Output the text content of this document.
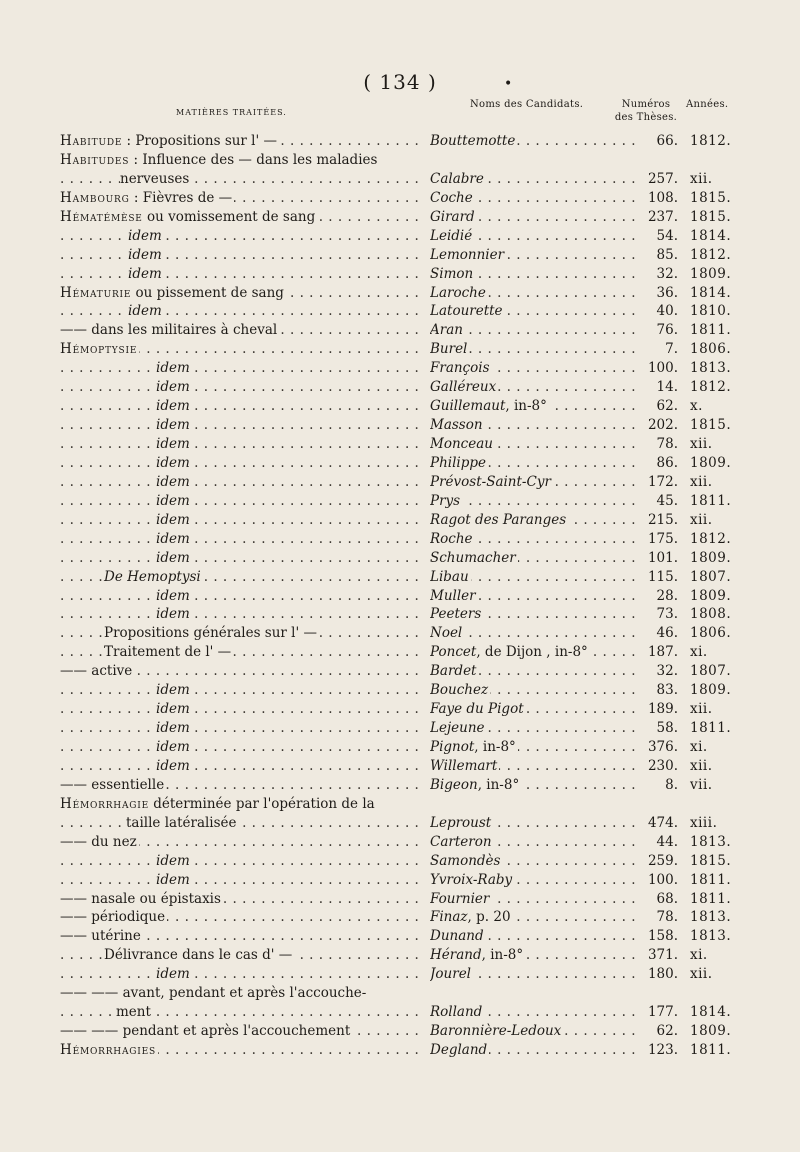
( 134 )	•
MATIÈRES TRAITÉES.
Noms des Candidats.	Numéros des Thèses.
Années.
Habitude : Propositions sur l' — . . .	Bouttemotte . . .	66. 1812.
Habitudes : Influence des — dans les maladies
nerveuses . . .	Calabre . . .	257. xii.
Hambourg : Fièvres de — . . .	Coche . . .	108. 1815.
Hématémèse ou vomissement de sang . . .	Girard . . .	237. 1815.
idem . . .	Leidié . . .	54. 1814.
idem . . .	Lemonnier . . .	85. 1812.
idem . . .	Simon . . .	32. 1809.
Hématurie ou pissement de sang . . .	Laroche . . .	36. 1814.
idem . . .	Latourette . . .	40. 1810.
—— dans les militaires à cheval . . .	Aran . . .	76. 1811.
Hémoptysie . . .	Burel . . .	7. 1806.
idem . . .	François . . .	100. 1813.
idem . . .	Galléreux . . .	14. 1812.
idem . . .	Guillemaut, in-8° . . .	62. x.
idem . . .	Masson . . .	202. 1815.
idem . . .	Monceau . . .	78. xii.
idem . . .	Philippe . . .	86. 1809.
idem . . .	Prévost-Saint-Cyr . . .	172. xii.
idem . . .	Prys . . .	45. 1811.
idem . . .	Ragot des Paranges . . .	215. xii.
idem . . .	Roche . . .	175. 1812.
idem . . .	Schumacher . . .	101. 1809.
De Hemoptysi . . .	Libau . . .	115. 1807.
idem . . .	Muller . . .	28. 1809.
idem . . .	Peeters . . .	73. 1808.
Propositions générales sur l' — . . .	Noel . . .	46. 1806.
Traitement de l' — . . .	Poncet, de Dijon , in-8° . . .	187. xi.
—— active . . .	Bardet . . .	32. 1807.
idem . . .	Bouchez . . .	83. 1809.
idem . . .	Faye du Pigot . . .	189. xii.
idem . . .	Lejeune . . .	58. 1811.
idem . . .	Pignot, in-8° . . .	376. xi.
idem . . .	Willemart . . .	230. xii.
—— essentielle . . .	Bigeon, in-8° . . .	8. vii.
Hémorrhagie déterminée par l'opération de la
taille latéralisée . . .	Leproust . . .	474. xiii.
—— du nez . . .	Carteron . . .	44. 1813.
idem . . .	Samondès . . .	259. 1815.
idem . . .	Yvroix-Raby . . .	100. 1811.
—— nasale ou épistaxis . . .	Fournier . . .	68. 1811.
—— périodique . . .	Finaz, p. 20 . . .	78. 1813.
—— utérine . . .	Dunand . . .	158. 1813.
Délivrance dans le cas d' — . . .	Hérand, in-8° . . .	371. xi.
idem . . .	Jourel . . .	180. xii.
—— —— avant, pendant et après l'accouche-
ment . . .	Rolland . . .	177. 1814.
—— —— pendant et après l'accouchement . . .	Baronnière-Ledoux . . .	62. 1809.
Hémorrhagies . . .	Degland . . .	123. 1811.
